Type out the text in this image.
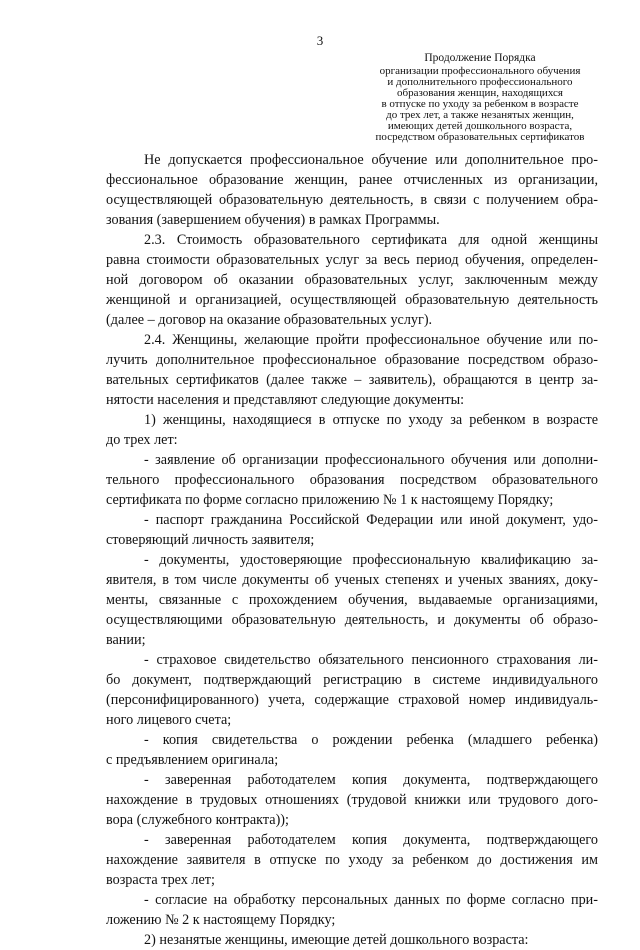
3
Продолжение Порядка
организации профессионального обучения
и дополнительного профессионального
образования женщин, находящихся
в отпуске по уходу за ребенком в возрасте
до трех лет, а также незанятых женщин,
имеющих детей дошкольного возраста,
посредством образовательных сертификатов
Не допускается профессиональное обучение или дополнительное про-
фессиональное образование женщин, ранее отчисленных из организации,
осуществляющей образовательную деятельность, в связи с получением обра-
зования (завершением обучения) в рамках Программы.
2.3. Стоимость образовательного сертификата для одной женщины
равна стоимости образовательных услуг за весь период обучения, определен-
ной договором об оказании образовательных услуг, заключенным между
женщиной и организацией, осуществляющей образовательную деятельность
(далее – договор на оказание образовательных услуг).
2.4. Женщины, желающие пройти профессиональное обучение или по-
лучить дополнительное профессиональное образование посредством образо-
вательных сертификатов (далее также – заявитель), обращаются в центр за-
нятости населения и представляют следующие документы:
1) женщины, находящиеся в отпуске по уходу за ребенком в возрасте
до трех лет:
- заявление об организации профессионального обучения или дополни-
тельного профессионального образования посредством образовательного
сертификата по форме согласно приложению № 1 к настоящему Порядку;
- паспорт гражданина Российской Федерации или иной документ, удо-
стоверяющий личность заявителя;
- документы, удостоверяющие профессиональную квалификацию за-
явителя, в том числе документы об ученых степенях и ученых званиях, доку-
менты, связанные с прохождением обучения, выдаваемые организациями,
осуществляющими образовательную деятельность, и документы об образо-
вании;
- страховое свидетельство обязательного пенсионного страхования ли-
бо документ, подтверждающий регистрацию в системе индивидуального
(персонифицированного) учета, содержащие страховой номер индивидуаль-
ного лицевого счета;
- копия свидетельства о рождении ребенка (младшего ребенка)
с предъявлением оригинала;
- заверенная работодателем копия документа, подтверждающего
нахождение в трудовых отношениях (трудовой книжки или трудового дого-
вора (служебного контракта));
- заверенная работодателем копия документа, подтверждающего
нахождение заявителя в отпуске по уходу за ребенком до достижения им
возраста трех лет;
- согласие на обработку персональных данных по форме согласно при-
ложению № 2 к настоящему Порядку;
2) незанятые женщины, имеющие детей дошкольного возраста:
